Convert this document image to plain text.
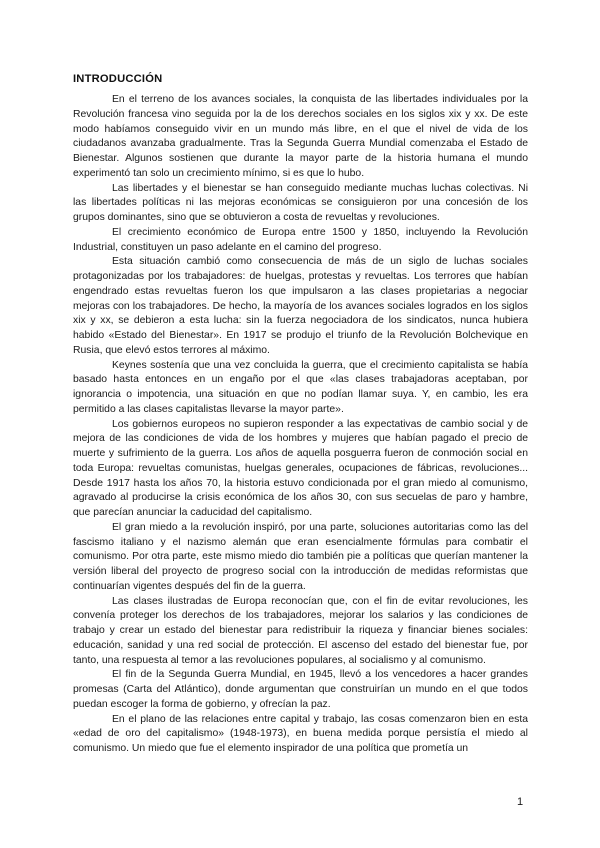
INTRODUCCIÓN

En el terreno de los avances sociales, la conquista de las libertades individuales por la Revolución francesa vino seguida por la de los derechos sociales en los siglos xix y xx. De este modo habíamos conseguido vivir en un mundo más libre, en el que el nivel de vida de los ciudadanos avanzaba gradualmente. Tras la Segunda Guerra Mundial comenzaba el Estado de Bienestar. Algunos sostienen que durante la mayor parte de la historia humana el mundo experimentó tan solo un crecimiento mínimo, si es que lo hubo.

Las libertades y el bienestar se han conseguido mediante muchas luchas colectivas. Ni las libertades políticas ni las mejoras económicas se consiguieron por una concesión de los grupos dominantes, sino que se obtuvieron a costa de revueltas y revoluciones.

El crecimiento económico de Europa entre 1500 y 1850, incluyendo la Revolución Industrial, constituyen un paso adelante en el camino del progreso.

Esta situación cambió como consecuencia de más de un siglo de luchas sociales protagonizadas por los trabajadores: de huelgas, protestas y revueltas. Los terrores que habían engendrado estas revueltas fueron los que impulsaron a las clases propietarias a negociar mejoras con los trabajadores. De hecho, la mayoría de los avances sociales logrados en los siglos xix y xx, se debieron a esta lucha: sin la fuerza negociadora de los sindicatos, nunca hubiera habido «Estado del Bienestar». En 1917 se produjo el triunfo de la Revolución Bolchevique en Rusia, que elevó estos terrores al máximo.

Keynes sostenía que una vez concluida la guerra, que el crecimiento capitalista se había basado hasta entonces en un engaño por el que «las clases trabajadoras aceptaban, por ignorancia o impotencia, una situación en que no podían llamar suya. Y, en cambio, les era permitido a las clases capitalistas llevarse la mayor parte».

Los gobiernos europeos no supieron responder a las expectativas de cambio social y de mejora de las condiciones de vida de los hombres y mujeres que habían pagado el precio de muerte y sufrimiento de la guerra. Los años de aquella posguerra fueron de conmoción social en toda Europa: revueltas comunistas, huelgas generales, ocupaciones de fábricas, revoluciones... Desde 1917 hasta los años 70, la historia estuvo condicionada por el gran miedo al comunismo, agravado al producirse la crisis económica de los años 30, con sus secuelas de paro y hambre, que parecían anunciar la caducidad del capitalismo.

El gran miedo a la revolución inspiró, por una parte, soluciones autoritarias como las del fascismo italiano y el nazismo alemán que eran esencialmente fórmulas para combatir el comunismo. Por otra parte, este mismo miedo dio también pie a políticas que querían mantener la versión liberal del proyecto de progreso social con la introducción de medidas reformistas que continuarían vigentes después del fin de la guerra.

Las clases ilustradas de Europa reconocían que, con el fin de evitar revoluciones, les convenía proteger los derechos de los trabajadores, mejorar los salarios y las condiciones de trabajo y crear un estado del bienestar para redistribuir la riqueza y financiar bienes sociales: educación, sanidad y una red social de protección. El ascenso del estado del bienestar fue, por tanto, una respuesta al temor a las revoluciones populares, al socialismo y al comunismo.

El fin de la Segunda Guerra Mundial, en 1945, llevó a los vencedores a hacer grandes promesas (Carta del Atlántico), donde argumentan que construirían un mundo en el que todos puedan escoger la forma de gobierno, y ofrecían la paz.

En el plano de las relaciones entre capital y trabajo, las cosas comenzaron bien en esta «edad de oro del capitalismo» (1948-1973), en buena medida porque persistía el miedo al comunismo. Un miedo que fue el elemento inspirador de una política que prometía un

1
